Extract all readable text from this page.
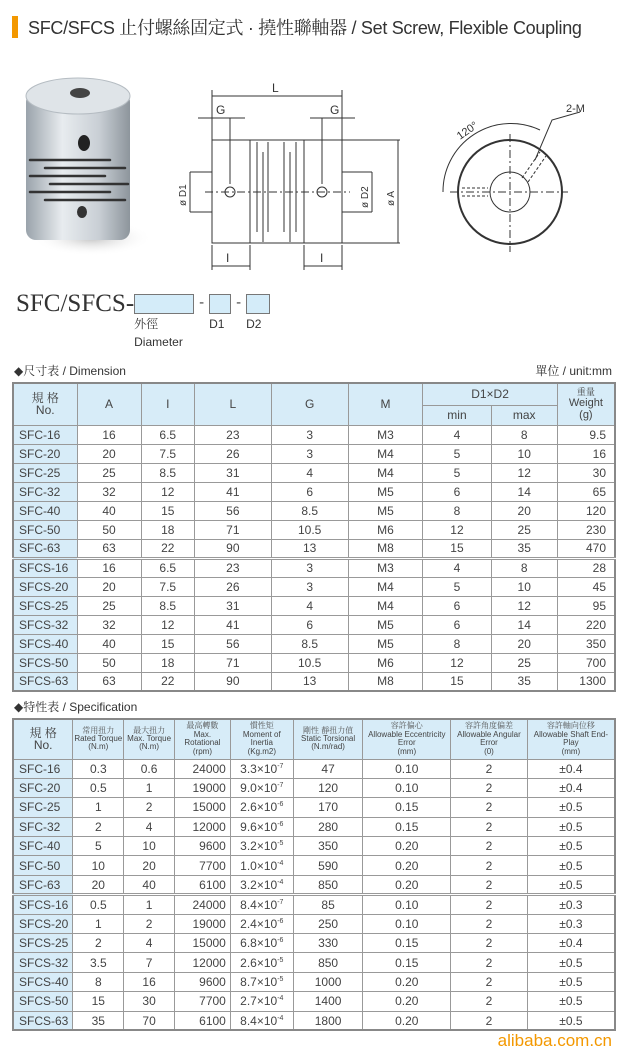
SFC/SFCS 止付螺絲固定式 · 撓性聯軸器 / Set Screw, Flexible Coupling
L
G	G
I	I
ø D1	ø D2 ø A
120°
2-M
SFC/SFCS-
外徑
Diameter
-
D1
-
D2
◆尺寸表 / Dimension	單位 / unit:mm
規 格
No.	A	I	L	G	M	D1×D2		重量
Weight
(g)
						min	max	
SFC-16	16	6.5	23	3	M3	4	8	9.5
SFC-20	20	7.5	26	3	M4	5	10	16
SFC-25	25	8.5	31	4	M4	5	12	30
SFC-32	32	12	41	6	M5	6	14	65
SFC-40	40	15	56	8.5	M5	8	20	120
SFC-50	50	18	71	10.5	M6	12	25	230
SFC-63	63	22	90	13	M8	15	35	470
SFCS-16	16	6.5	23	3	M3	4	8	28
SFCS-20	20	7.5	26	3	M4	5	10	45
SFCS-25	25	8.5	31	4	M4	6	12	95
SFCS-32	32	12	41	6	M5	6	14	220
SFCS-40	40	15	56	8.5	M5	8	20	350
SFCS-50	50	18	71	10.5	M6	12	25	700
SFCS-63	63	22	90	13	M8	15	35	1300
◆特性表 / Specification
規 格
No.	常用扭力
Rated Torque
(N.m)	最大扭力
Max. Torque
(N.m)	最高轉數
Max. Rotational
(rpm)	慣性矩
Moment of Inertia
(Kg.m2)	剛性 靜扭力值
Static Torsional
(N.m/rad)	容許偏心
Allowable Eccentricity Error
(mm)	容許角度偏差
Allowable Angular Error
(0)	容許軸向位移
Allowable Shaft End-Play
(mm)
SFC-16	0.3	0.6	24000	$3.3\times 10^{-7}$	47	0.10	2	±0.4
SFC-20	0.5	1	19000	$9.0\times 10^{-7}$	120	0.10	2	±0.4
SFC-25	1	2	15000	$2.6\times 10^{-6}$	170	0.15	2	±0.5
SFC-32	2	4	12000	$9.6\times 10^{-6}$	280	0.15	2	±0.5
SFC-40	5	10	9600	$3.2\times 10^{-5}$	350	0.20	2	±0.5
SFC-50	10	20	7700	$1.0\times 10^{-4}$	590	0.20	2	±0.5
SFC-63	20	40	6100	$3.2\times 10^{-4}$	850	0.20	2	±0.5
SFCS-16	0.5	1	24000	$8.4\times 10^{-7}$	85	0.10	2	±0.3
SFCS-20	1	2	19000	$2.4\times 10^{-6}$	250	0.10	2	±0.3
SFCS-25	2	4	15000	$6.8\times 10^{-6}$	330	0.15	2	±0.4
SFCS-32	3.5	7	12000	$2.6\times 10^{-5}$	850	0.15	2	±0.5
SFCS-40	8	16	9600	$8.7\times 10^{-5}$	1000	0.20	2	±0.5
SFCS-50	15	30	7700	$2.7\times 10^{-4}$	1400	0.20	2	±0.5
SFCS-63	35	70	6100	$8.4\times 10^{-4}$	1800	0.20	2	±0.5
alibaba.com.cn
